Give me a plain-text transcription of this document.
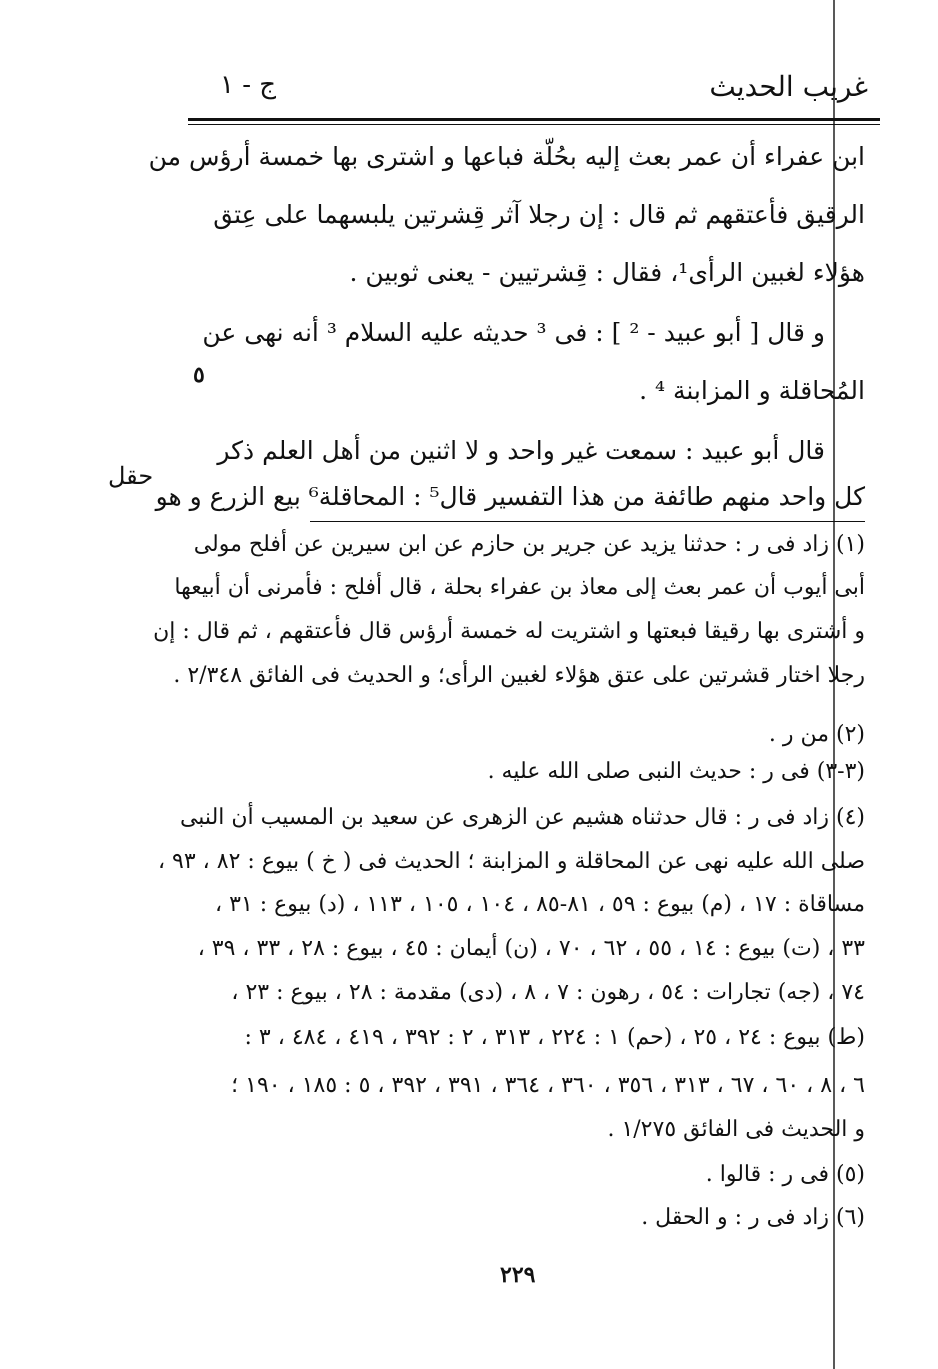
غريب الحديث
ج - ١
ابن عفراء أن عمر بعث إليه بحُلّة فباعها و اشترى بها خمسة أرؤس من
الرقيق فأعتقهم ثم قال : إن رجلا آثر قِشرتين يلبسهما على عِتق
هؤلاء لغبين الرأى¹، فقال : قِشرتيين - يعنى ثوبين .
و قال [ أبو عبيد - ² ] : فى ³ حديثه عليه السلام ³ أنه نهى عن
المُحاقلة و المزابنة ⁴ .
قال أبو عبيد : سمعت غير واحد و لا اثنين من أهل العلم ذكر
كل واحد منهم طائفة من هذا التفسير قال⁵ : المحاقلة⁶ بيع الزرع و هو
٥
حقل
(١) زاد فى ر : حدثنا يزيد عن جرير بن حازم عن ابن سيرين عن أفلح مولى
أبى أيوب أن عمر بعث إلى معاذ بن عفراء بحلة ، قال أفلح : فأمرنى أن أبيعها
و أشترى بها رقيقا فبعتها و اشتريت له خمسة أرؤس قال فأعتقهم ، ثم قال : إن
رجلا اختار قشرتين على عتق هؤلاء لغبين الرأى؛ و الحديث فى الفائق ٢/٣٤٨ .
(٢) من ر .
(٣-٣) فى ر : حديث النبى صلى الله عليه .
(٤) زاد فى ر : قال حدثناه هشيم عن الزهرى عن سعيد بن المسيب أن النبى
صلى الله عليه نهى عن المحاقلة و المزابنة ؛ الحديث فى ( خ ) بيوع : ٨٢ ، ٩٣ ،
مساقاة : ١٧ ، (م) بيوع : ٥٩ ، ٨١-٨٥ ، ١٠٤ ، ١٠٥ ، ١١٣ ، (د) بيوع : ٣١ ،
٣٣ ، (ت) بيوع : ١٤ ، ٥٥ ، ٦٢ ، ٧٠ ، (ن) أيمان : ٤٥ ، بيوع : ٢٨ ، ٣٣ ، ٣٩ ،
٧٤ ، (جه) تجارات : ٥٤ ، رهون : ٧ ، ٨ ، (دى) مقدمة : ٢٨ ، بيوع : ٢٣ ،
(ط) بيوع : ٢٤ ، ٢٥ ، (حم) ١ : ٢٢٤ ، ٣١٣ ، ٢ : ٣٩٢ ، ٤١٩ ، ٤٨٤ ، ٣ :
٦ ، ٨ ، ٦٠ ، ٦٧ ، ٣١٣ ، ٣٥٦ ، ٣٦٠ ، ٣٦٤ ، ٣٩١ ، ٣٩٢ ، ٥ : ١٨٥ ، ١٩٠ ؛
و الحديث فى الفائق ١/٢٧٥ .
(٥) فى ر : قالوا .
(٦) زاد فى ر : و الحقل .
٢٢٩
